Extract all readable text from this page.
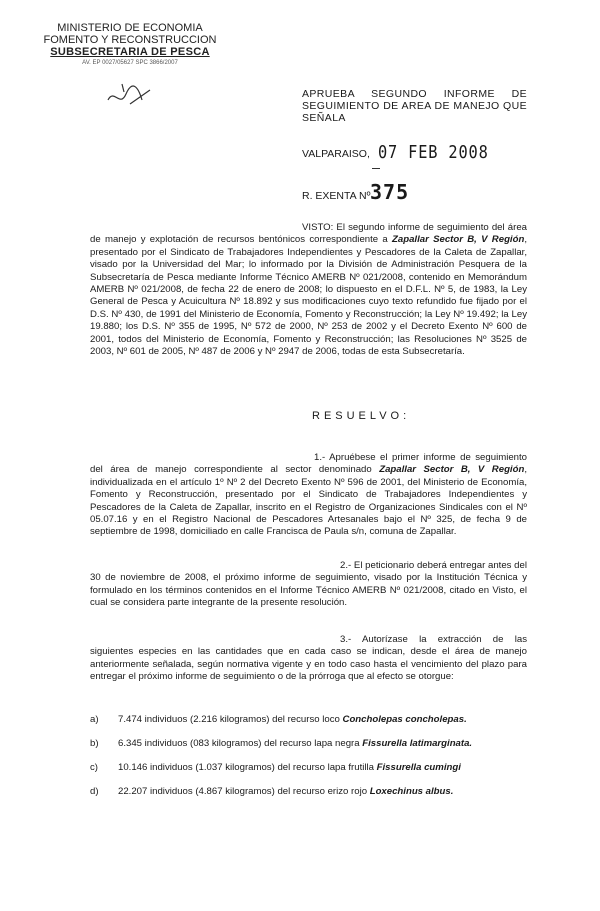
MINISTERIO DE ECONOMIA
FOMENTO Y RECONSTRUCCION
SUBSECRETARIA DE PESCA
AV. EP 0027/05627 SPC 3866/2007
APRUEBA SEGUNDO INFORME DE SEGUIMIENTO DE AREA DE MANEJO QUE SEÑALA
VALPARAISO, 07 FEB 2008
R. EXENTA Nº 375
VISTO: El segundo informe de seguimiento del área de manejo y explotación de recursos bentónicos correspondiente a Zapallar Sector B, V Región, presentado por el Sindicato de Trabajadores Independientes y Pescadores de la Caleta de Zapallar, visado por la Universidad del Mar; lo informado por la División de Administración Pesquera de la Subsecretaría de Pesca mediante Informe Técnico AMERB Nº 021/2008, contenido en Memorándum AMERB Nº 021/2008, de fecha 22 de enero de 2008; lo dispuesto en el D.F.L. Nº 5, de 1983, la Ley General de Pesca y Acuicultura Nº 18.892 y sus modificaciones cuyo texto refundido fue fijado por el D.S. Nº 430, de 1991 del Ministerio de Economía, Fomento y Reconstrucción; la Ley Nº 19.492; la Ley 19.880; los D.S. Nº 355 de 1995, Nº 572 de 2000, Nº 253 de 2002 y el Decreto Exento Nº 600 de 2001, todos del Ministerio de Economía, Fomento y Reconstrucción; las Resoluciones Nº 3525 de 2003, Nº 601 de 2005, Nº 487 de 2006 y Nº 2947 de 2006, todas de esta Subsecretaría.
RESUELVO:
1.- Apruébese el primer informe de seguimiento del área de manejo correspondiente al sector denominado Zapallar Sector B, V Región, individualizada en el artículo 1º Nº 2 del Decreto Exento Nº 596 de 2001, del Ministerio de Economía, Fomento y Reconstrucción, presentado por el Sindicato de Trabajadores Independientes y Pescadores de la Caleta de Zapallar, inscrito en el Registro de Organizaciones Sindicales con el Nº 05.07.16 y en el Registro Nacional de Pescadores Artesanales bajo el Nº 325, de fecha 9 de septiembre de 1998, domiciliado en calle Francisca de Paula s/n, comuna de Zapallar.
2.- El peticionario deberá entregar antes del 30 de noviembre de 2008, el próximo informe de seguimiento, visado por la Institución Técnica y formulado en los términos contenidos en el Informe Técnico AMERB Nº 021/2008, citado en Visto, el cual se considera parte integrante de la presente resolución.
3.- Autorízase la extracción de las siguientes especies en las cantidades que en cada caso se indican, desde el área de manejo anteriormente señalada, según normativa vigente y en todo caso hasta el vencimiento del plazo para entregar el próximo informe de seguimiento o de la prórroga que al efecto se otorgue:
a) 7.474 individuos (2.216 kilogramos) del recurso loco Concholepas concholepas.
b) 6.345 individuos (083 kilogramos) del recurso lapa negra Fissurella latimarginata.
c) 10.146 individuos (1.037 kilogramos) del recurso lapa frutilla Fissurella cumingi
d) 22.207 individuos (4.867 kilogramos) del recurso erizo rojo Loxechinus albus.
